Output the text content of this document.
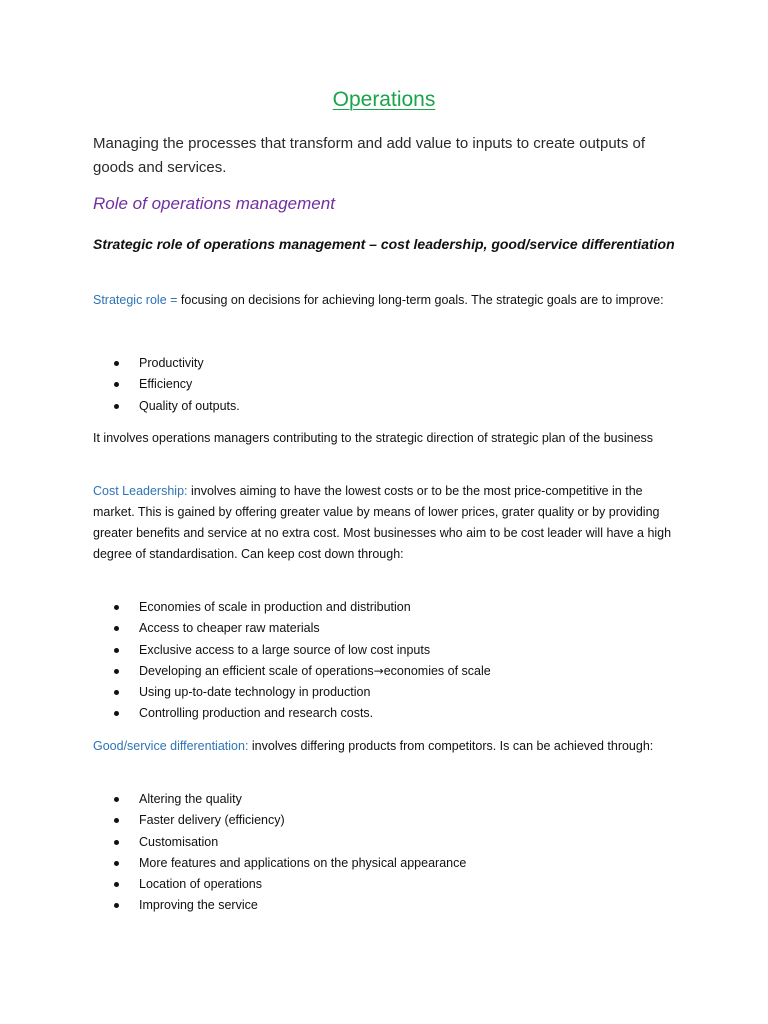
Operations
Managing the processes that transform and add value to inputs to create outputs of goods and services.
Role of operations management
Strategic role of operations management – cost leadership, good/service differentiation
Strategic role = focusing on decisions for achieving long-term goals. The strategic goals are to improve:
Productivity
Efficiency
Quality of outputs.
It involves operations managers contributing to the strategic direction of strategic plan of the business
Cost Leadership: involves aiming to have the lowest costs or to be the most price-competitive in the market. This is gained by offering greater value by means of lower prices, grater quality or by providing greater benefits and service at no extra cost. Most businesses who aim to be cost leader will have a high degree of standardisation. Can keep cost down through:
Economies of scale in production and distribution
Access to cheaper raw materials
Exclusive access to a large source of low cost inputs
Developing an efficient scale of operations→economies of scale
Using up-to-date technology in production
Controlling production and research costs.
Good/service differentiation: involves differing products from competitors. Is can be achieved through:
Altering the quality
Faster delivery (efficiency)
Customisation
More features and applications on the physical appearance
Location of operations
Improving the service
